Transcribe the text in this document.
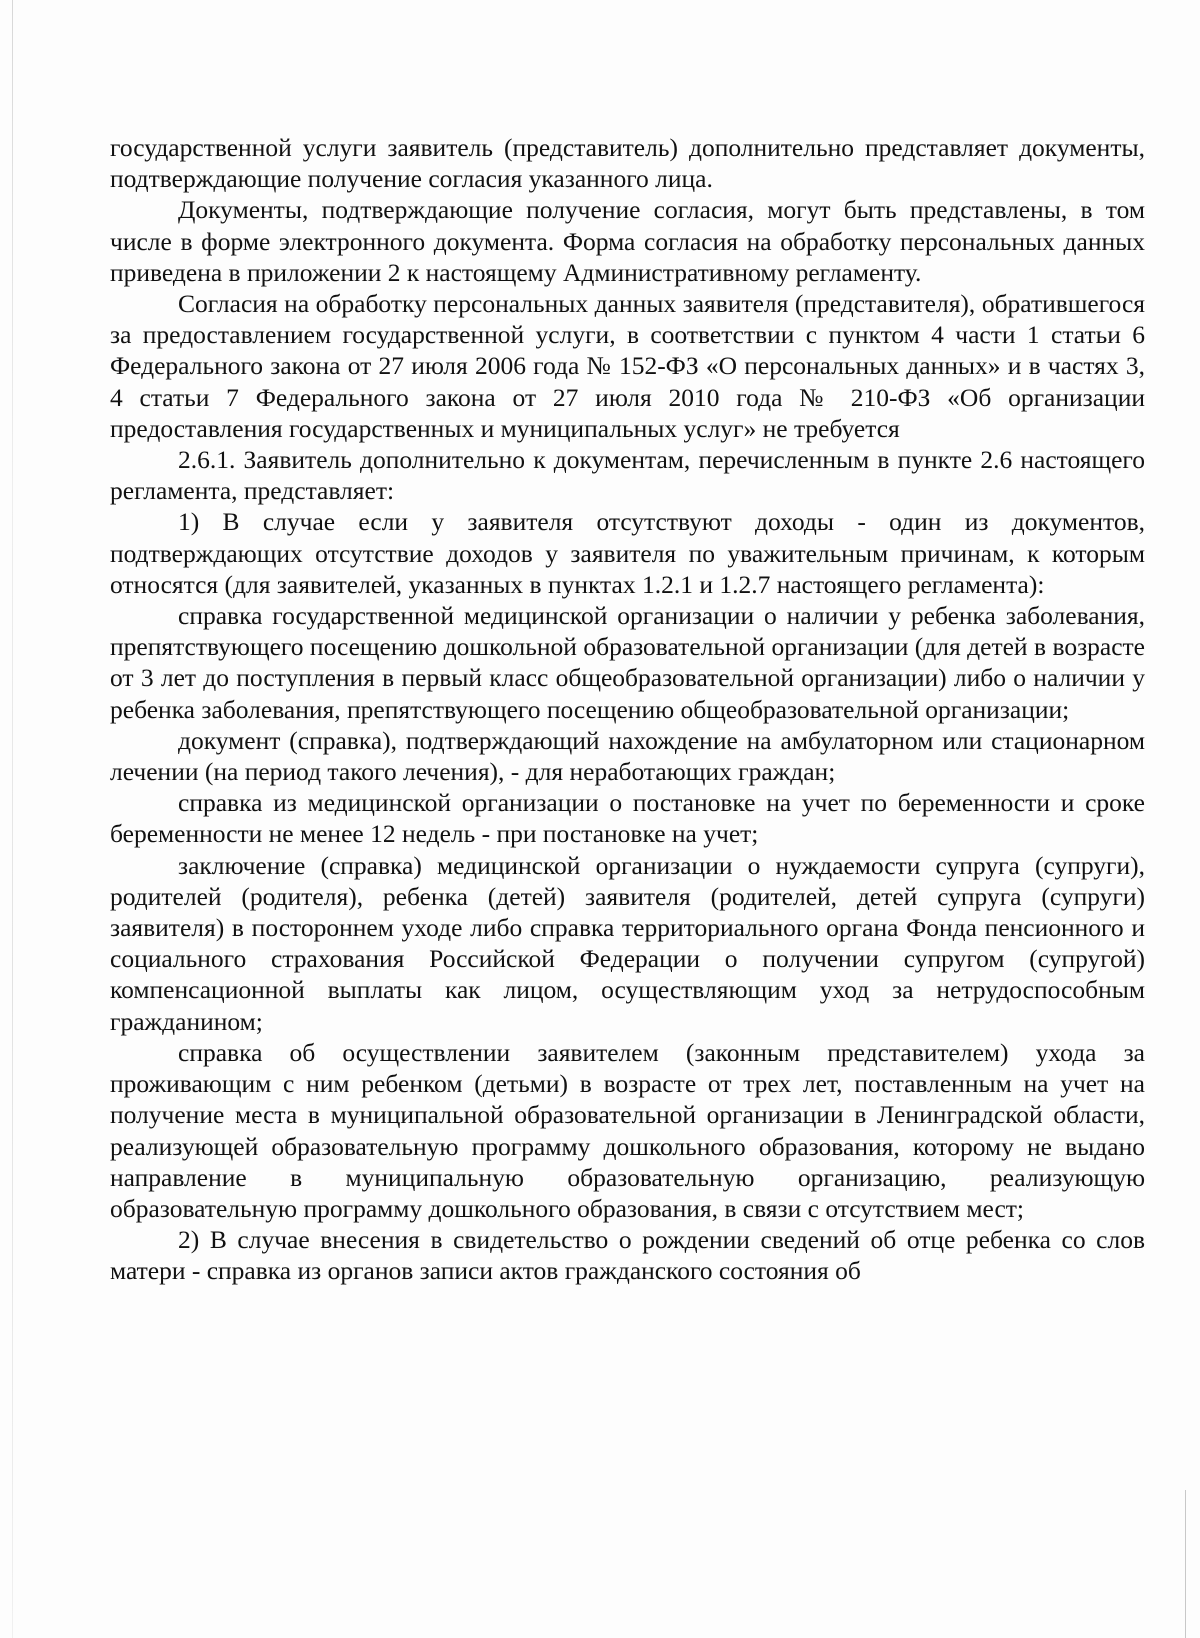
государственной услуги заявитель (представитель) дополнительно представляет документы, подтверждающие получение согласия указанного лица.

Документы, подтверждающие получение согласия, могут быть представлены, в том числе в форме электронного документа. Форма согласия на обработку персональных данных приведена в приложении 2 к настоящему Административному регламенту.

Согласия на обработку персональных данных заявителя (представителя), обратившегося за предоставлением государственной услуги, в соответствии с пунктом 4 части 1 статьи 6 Федерального закона от 27 июля 2006 года № 152-ФЗ «О персональных данных» и в частях 3, 4 статьи 7 Федерального закона от 27 июля 2010 года № 210-ФЗ «Об организации предоставления государственных и муниципальных услуг» не требуется

2.6.1. Заявитель дополнительно к документам, перечисленным в пункте 2.6 настоящего регламента, представляет:

1) В случае если у заявителя отсутствуют доходы - один из документов, подтверждающих отсутствие доходов у заявителя по уважительным причинам, к которым относятся (для заявителей, указанных в пунктах 1.2.1 и 1.2.7 настоящего регламента):

справка государственной медицинской организации о наличии у ребенка заболевания, препятствующего посещению дошкольной образовательной организации (для детей в возрасте от 3 лет до поступления в первый класс общеобразовательной организации) либо о наличии у ребенка заболевания, препятствующего посещению общеобразовательной организации;

документ (справка), подтверждающий нахождение на амбулаторном или стационарном лечении (на период такого лечения), - для неработающих граждан;

справка из медицинской организации о постановке на учет по беременности и сроке беременности не менее 12 недель - при постановке на учет;

заключение (справка) медицинской организации о нуждаемости супруга (супруги), родителей (родителя), ребенка (детей) заявителя (родителей, детей супруга (супруги) заявителя) в постороннем уходе либо справка территориального органа Фонда пенсионного и социального страхования Российской Федерации о получении супругом (супругой) компенсационной выплаты как лицом, осуществляющим уход за нетрудоспособным гражданином;

справка об осуществлении заявителем (законным представителем) ухода за проживающим с ним ребенком (детьми) в возрасте от трех лет, поставленным на учет на получение места в муниципальной образовательной организации в Ленинградской области, реализующей образовательную программу дошкольного образования, которому не выдано направление в муниципальную образовательную организацию, реализующую образовательную программу дошкольного образования, в связи с отсутствием мест;

2) В случае внесения в свидетельство о рождении сведений об отце ребенка со слов матери - справка из органов записи актов гражданского состояния об
